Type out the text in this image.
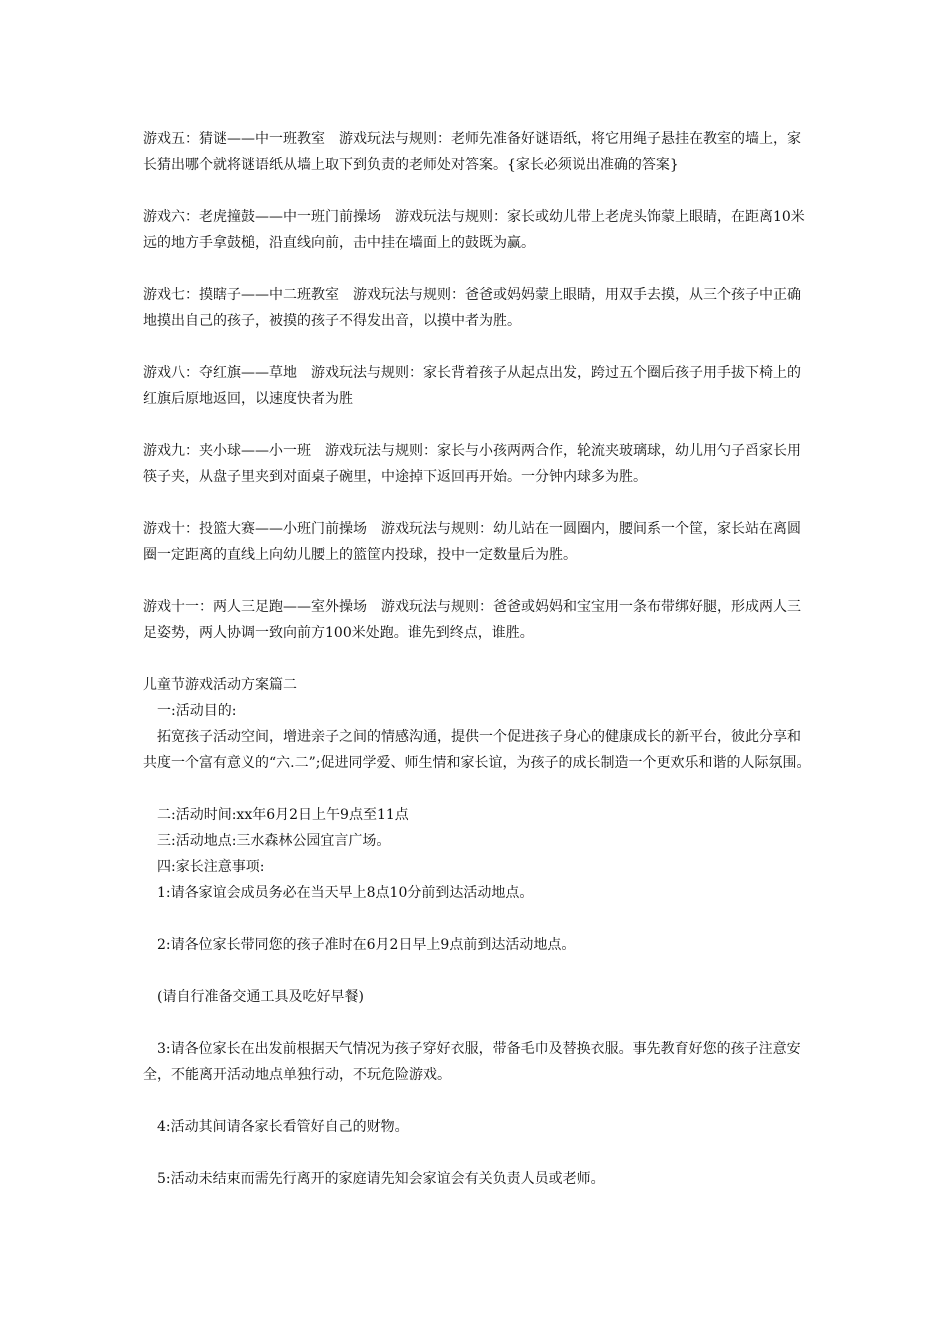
游戏五：猜谜——中一班教室　游戏玩法与规则：老师先准备好谜语纸，将它用绳子悬挂在教室的墙上，家长猜出哪个就将谜语纸从墙上取下到负责的老师处对答案。{家长必须说出准确的答案}

游戏六：老虎撞鼓——中一班门前操场　游戏玩法与规则：家长或幼儿带上老虎头饰蒙上眼睛，在距离10米远的地方手拿鼓槌，沿直线向前，击中挂在墙面上的鼓既为赢。

游戏七：摸瞎子——中二班教室　游戏玩法与规则：爸爸或妈妈蒙上眼睛，用双手去摸，从三个孩子中正确地摸出自己的孩子，被摸的孩子不得发出音，以摸中者为胜。

游戏八：夺红旗——草地　游戏玩法与规则：家长背着孩子从起点出发，跨过五个圈后孩子用手拔下椅上的红旗后原地返回，以速度快者为胜

游戏九：夹小球——小一班　游戏玩法与规则：家长与小孩两两合作，轮流夹玻璃球，幼儿用勺子舀家长用筷子夹，从盘子里夹到对面桌子碗里，中途掉下返回再开始。一分钟内球多为胜。

游戏十：投篮大赛——小班门前操场　游戏玩法与规则：幼儿站在一圆圈内，腰间系一个筐，家长站在离圆圈一定距离的直线上向幼儿腰上的篮筐内投球，投中一定数量后为胜。

游戏十一：两人三足跑——室外操场　游戏玩法与规则：爸爸或妈妈和宝宝用一条布带绑好腿，形成两人三足姿势，两人协调一致向前方100米处跑。谁先到终点，谁胜。

儿童节游戏活动方案篇二

一:活动目的:

拓宽孩子活动空间，增进亲子之间的情感沟通，提供一个促进孩子身心的健康成长的新平台，彼此分享和共度一个富有意义的“六.二”;促进同学爱、师生情和家长谊，为孩子的成长制造一个更欢乐和谐的人际氛围。

二:活动时间:xx年6月2日上午9点至11点

三:活动地点:三水森林公园宜言广场。

四:家长注意事项:

1:请各家谊会成员务必在当天早上8点10分前到达活动地点。

2:请各位家长带同您的孩子准时在6月2日早上9点前到达活动地点。

(请自行准备交通工具及吃好早餐)

3:请各位家长在出发前根据天气情况为孩子穿好衣服，带备毛巾及替换衣服。事先教育好您的孩子注意安全，不能离开活动地点单独行动，不玩危险游戏。

4:活动其间请各家长看管好自己的财物。

5:活动未结束而需先行离开的家庭请先知会家谊会有关负责人员或老师。
